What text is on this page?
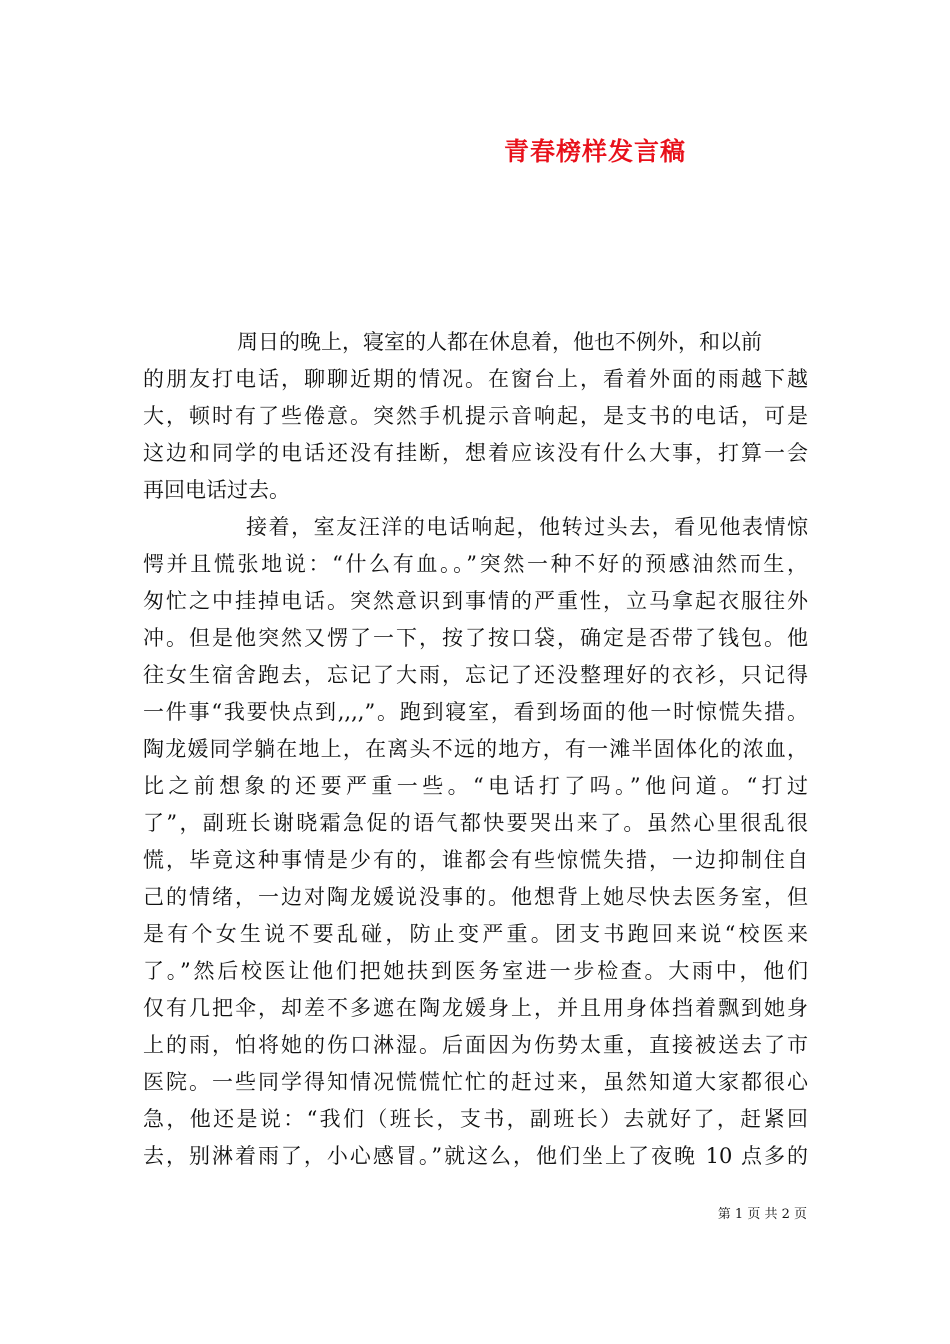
青春榜样发言稿
周日的晚上，寝室的人都在休息着，他也不例外，和以前
的朋友打电话，聊聊近期的情况。在窗台上，看着外面的雨越下越
大，顿时有了些倦意。突然手机提示音响起，是支书的电话，可是
这边和同学的电话还没有挂断，想着应该没有什么大事，打算一会
再回电话过去。
接着，室友汪洋的电话响起，他转过头去，看见他表情惊
愕并且慌张地说：“什么有血。。”突然一种不好的预感油然而生，
匆忙之中挂掉电话。突然意识到事情的严重性，立马拿起衣服往外
冲。但是他突然又愣了一下，按了按口袋，确定是否带了钱包。他
往女生宿舍跑去，忘记了大雨，忘记了还没整理好的衣衫，只记得
一件事“我要快点到,,,,”。跑到寝室，看到场面的他一时惊慌失措。
陶龙媛同学躺在地上，在离头不远的地方，有一滩半固体化的浓血，
比之前想象的还要严重一些。“电话打了吗。”他问道。“打过
了”，副班长谢晓霜急促的语气都快要哭出来了。虽然心里很乱很
慌，毕竟这种事情是少有的，谁都会有些惊慌失措，一边抑制住自
己的情绪，一边对陶龙媛说没事的。他想背上她尽快去医务室，但
是有个女生说不要乱碰，防止变严重。团支书跑回来说“校医来
了。”然后校医让他们把她扶到医务室进一步检查。大雨中，他们
仅有几把伞，却差不多遮在陶龙媛身上，并且用身体挡着飘到她身
上的雨，怕将她的伤口淋湿。后面因为伤势太重，直接被送去了市
医院。一些同学得知情况慌慌忙忙的赶过来，虽然知道大家都很心
急，他还是说：“我们（班长，支书，副班长）去就好了，赶紧回
去，别淋着雨了，小心感冒。”就这么，他们坐上了夜晚 10 点多的
第 1 页 共 2 页
